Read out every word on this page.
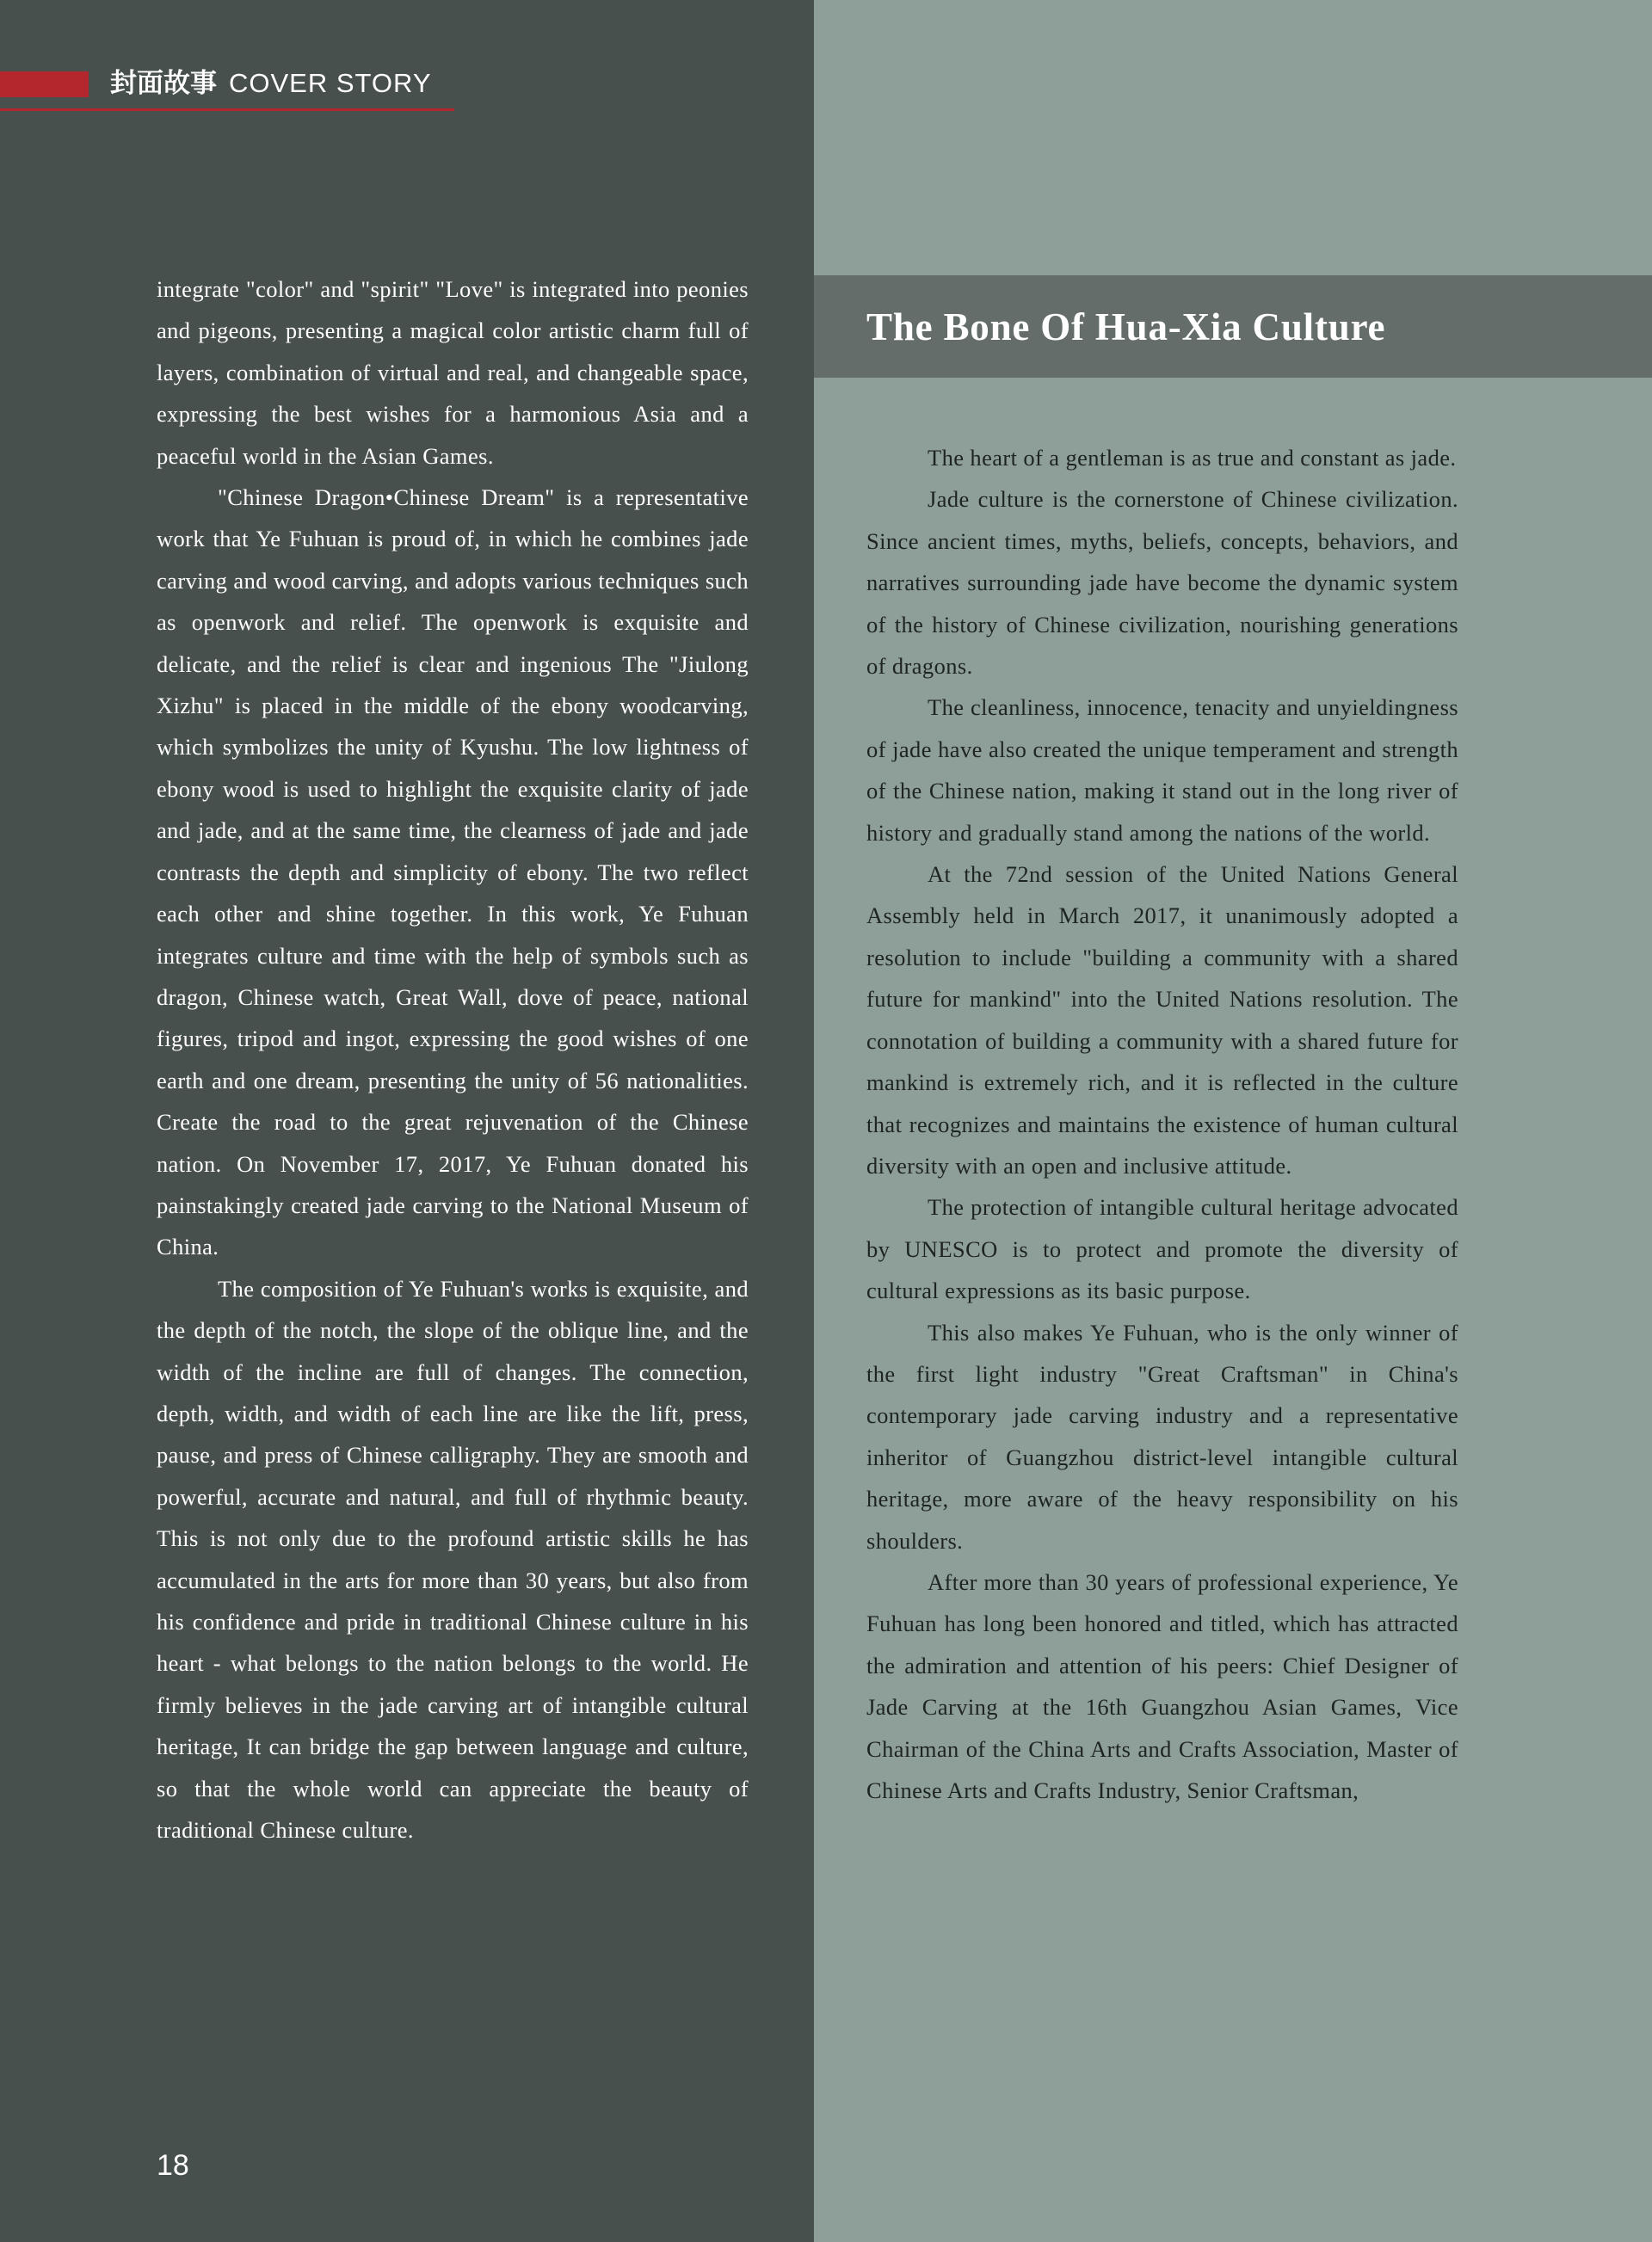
封面故事 COVER STORY

integrate "color" and "spirit" "Love" is integrated into peonies and pigeons, presenting a magical color artistic charm full of layers, combination of virtual and real, and changeable space, expressing the best wishes for a harmonious Asia and a peaceful world in the Asian Games.

"Chinese Dragon•Chinese Dream" is a representative work that Ye Fuhuan is proud of, in which he combines jade carving and wood carving, and adopts various techniques such as openwork and relief. The openwork is exquisite and delicate, and the relief is clear and ingenious The "Jiulong Xizhu" is placed in the middle of the ebony woodcarving, which symbolizes the unity of Kyushu. The low lightness of ebony wood is used to highlight the exquisite clarity of jade and jade, and at the same time, the clearness of jade and jade contrasts the depth and simplicity of ebony. The two reflect each other and shine together. In this work, Ye Fuhuan integrates culture and time with the help of symbols such as dragon, Chinese watch, Great Wall, dove of peace, national figures, tripod and ingot, expressing the good wishes of one earth and one dream, presenting the unity of 56 nationalities. Create the road to the great rejuvenation of the Chinese nation. On November 17, 2017, Ye Fuhuan donated his painstakingly created jade carving to the National Museum of China.

The composition of Ye Fuhuan's works is exquisite, and the depth of the notch, the slope of the oblique line, and the width of the incline are full of changes. The connection, depth, width, and width of each line are like the lift, press, pause, and press of Chinese calligraphy. They are smooth and powerful, accurate and natural, and full of rhythmic beauty. This is not only due to the profound artistic skills he has accumulated in the arts for more than 30 years, but also from his confidence and pride in traditional Chinese culture in his heart - what belongs to the nation belongs to the world. He firmly believes in the jade carving art of intangible cultural heritage, It can bridge the gap between language and culture, so that the whole world can appreciate the beauty of traditional Chinese culture.

The Bone Of Hua-Xia Culture

The heart of a gentleman is as true and constant as jade.

Jade culture is the cornerstone of Chinese civilization. Since ancient times, myths, beliefs, concepts, behaviors, and narratives surrounding jade have become the dynamic system of the history of Chinese civilization, nourishing generations of dragons.

The cleanliness, innocence, tenacity and unyieldingness of jade have also created the unique temperament and strength of the Chinese nation, making it stand out in the long river of history and gradually stand among the nations of the world.

At the 72nd session of the United Nations General Assembly held in March 2017, it unanimously adopted a resolution to include "building a community with a shared future for mankind" into the United Nations resolution. The connotation of building a community with a shared future for mankind is extremely rich, and it is reflected in the culture that recognizes and maintains the existence of human cultural diversity with an open and inclusive attitude.

The protection of intangible cultural heritage advocated by UNESCO is to protect and promote the diversity of cultural expressions as its basic purpose.

This also makes Ye Fuhuan, who is the only winner of the first light industry "Great Craftsman" in China's contemporary jade carving industry and a representative inheritor of Guangzhou district-level intangible cultural heritage, more aware of the heavy responsibility on his shoulders.

After more than 30 years of professional experience, Ye Fuhuan has long been honored and titled, which has attracted the admiration and attention of his peers: Chief Designer of Jade Carving at the 16th Guangzhou Asian Games, Vice Chairman of the China Arts and Crafts Association, Master of Chinese Arts and Crafts Industry, Senior Craftsman,

18
